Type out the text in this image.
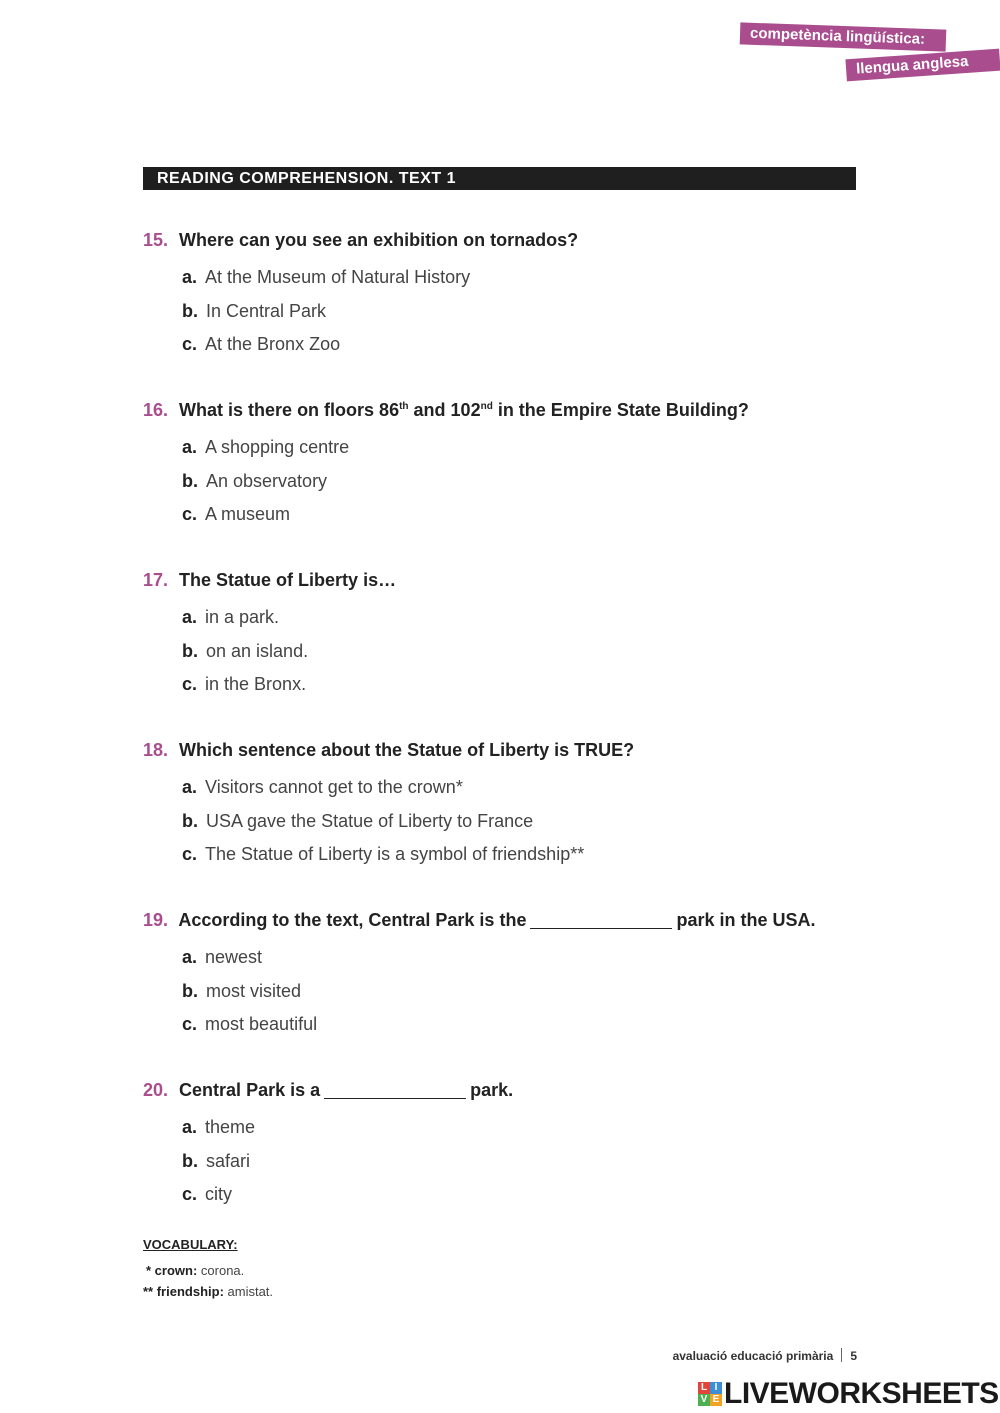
competència lingüística:
llengua anglesa
READING COMPREHENSION. TEXT 1
15. Where can you see an exhibition on tornados?
a. At the Museum of Natural History
b. In Central Park
c. At the Bronx Zoo
16. What is there on floors 86th and 102nd in the Empire State Building?
a. A shopping centre
b. An observatory
c. A museum
17. The Statue of Liberty is…
a. in a park.
b. on an island.
c. in the Bronx.
18. Which sentence about the Statue of Liberty is TRUE?
a. Visitors cannot get to the crown*
b. USA gave the Statue of Liberty to France
c. The Statue of Liberty is a symbol of friendship**
19. According to the text, Central Park is the	park in the USA.
a. newest
b. most visited
c. most beautiful
20. Central Park is a	park.
a. theme
b. safari
c. city
VOCABULARY:
* crown: corona.
** friendship: amistat.
avaluació educació primària 5
L I
V E LIVEWORKSHEETS
